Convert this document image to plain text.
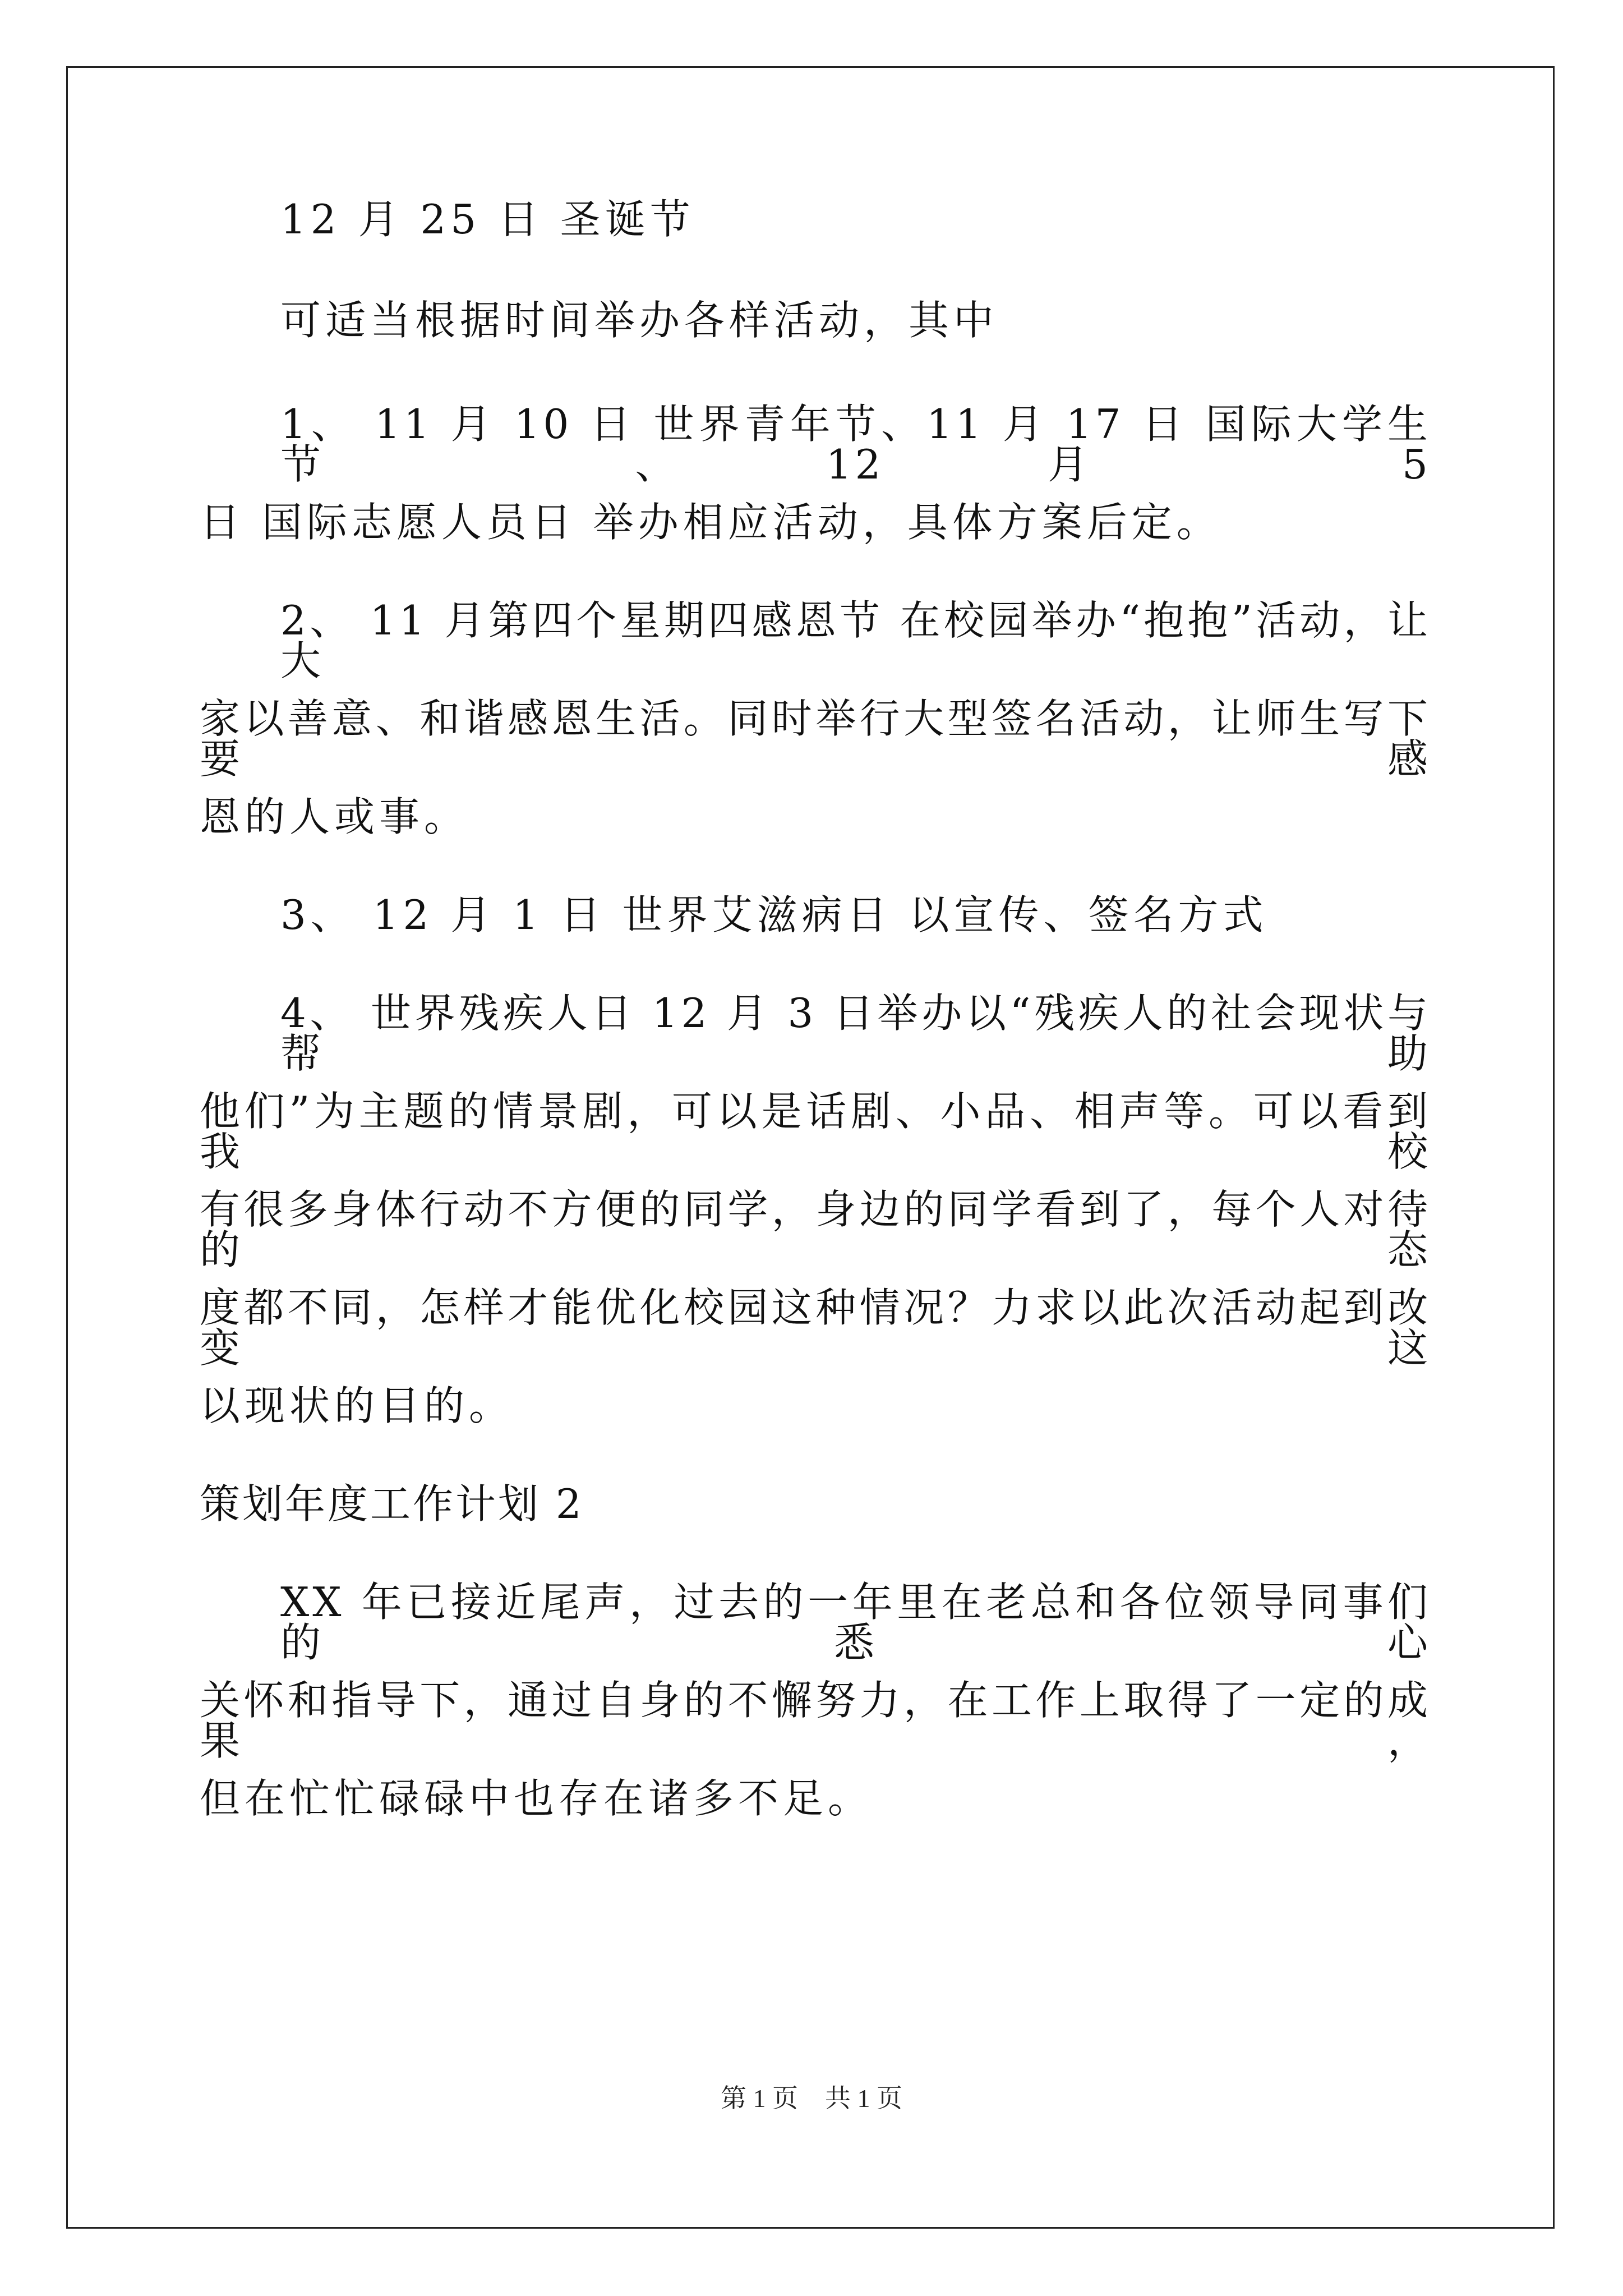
12 月 25 日 圣诞节

可适当根据时间举办各样活动，其中

1、 11 月 10 日 世界青年节、11 月 17 日 国际大学生节 、12 月 5

日 国际志愿人员日 举办相应活动，具体方案后定。

2、 11 月第四个星期四感恩节 在校园举办“抱抱”活动，让大

家以善意、和谐感恩生活。同时举行大型签名活动，让师生写下要感

恩的人或事。

3、 12 月 1 日 世界艾滋病日 以宣传、签名方式

4、 世界残疾人日 12 月 3 日举办以“残疾人的社会现状与帮助

他们”为主题的情景剧，可以是话剧、小品、相声等。可以看到我校

有很多身体行动不方便的同学，身边的同学看到了，每个人对待的态

度都不同，怎样才能优化校园这种情况？力求以此次活动起到改变这

以现状的目的。

策划年度工作计划 2

XX 年已接近尾声，过去的一年里在老总和各位领导同事们的悉心

关怀和指导下，通过自身的不懈努力，在工作上取得了一定的成果，

但在忙忙碌碌中也存在诸多不足。

第 1 页 共 1 页
